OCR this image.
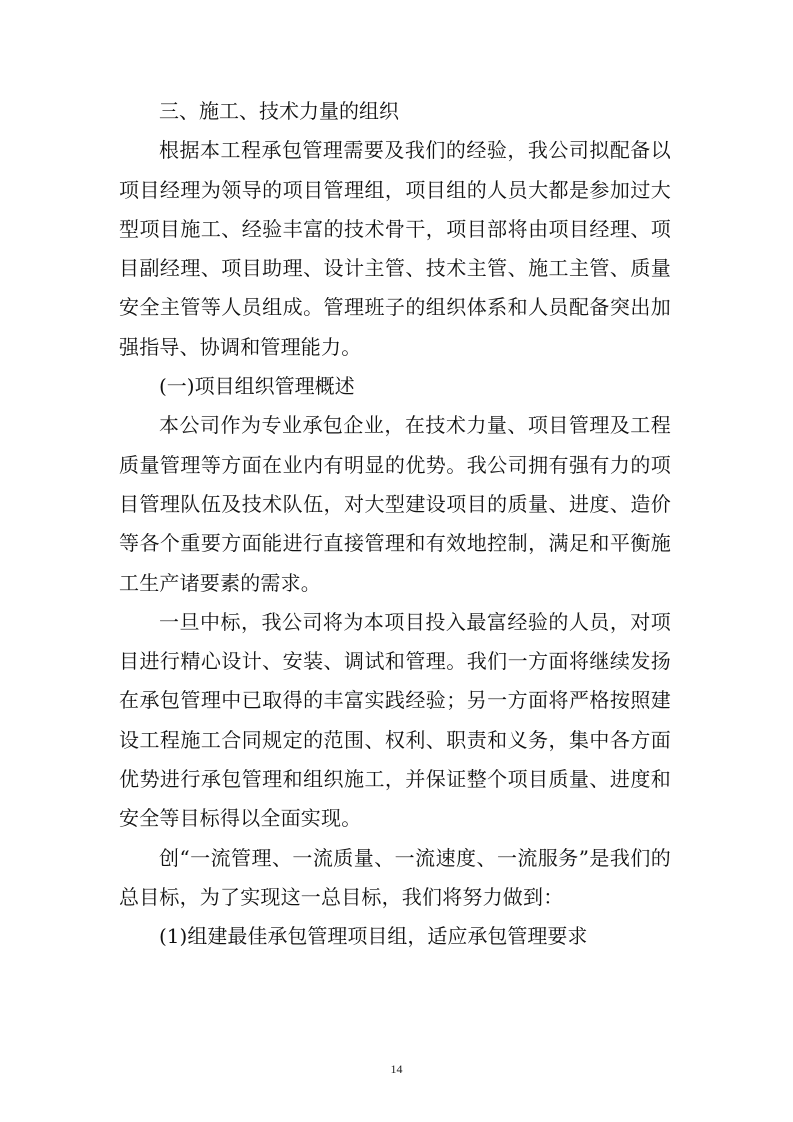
三、施工、技术力量的组织

根据本工程承包管理需要及我们的经验，我公司拟配备以项目经理为领导的项目管理组，项目组的人员大都是参加过大型项目施工、经验丰富的技术骨干，项目部将由项目经理、项目副经理、项目助理、设计主管、技术主管、施工主管、质量安全主管等人员组成。管理班子的组织体系和人员配备突出加强指导、协调和管理能力。

(一)项目组织管理概述

本公司作为专业承包企业，在技术力量、项目管理及工程质量管理等方面在业内有明显的优势。我公司拥有强有力的项目管理队伍及技术队伍，对大型建设项目的质量、进度、造价等各个重要方面能进行直接管理和有效地控制，满足和平衡施工生产诸要素的需求。

一旦中标，我公司将为本项目投入最富经验的人员，对项目进行精心设计、安装、调试和管理。我们一方面将继续发扬在承包管理中已取得的丰富实践经验；另一方面将严格按照建设工程施工合同规定的范围、权利、职责和义务，集中各方面优势进行承包管理和组织施工，并保证整个项目质量、进度和安全等目标得以全面实现。

创“一流管理、一流质量、一流速度、一流服务”是我们的总目标，为了实现这一总目标，我们将努力做到：

(1)组建最佳承包管理项目组，适应承包管理要求

14
